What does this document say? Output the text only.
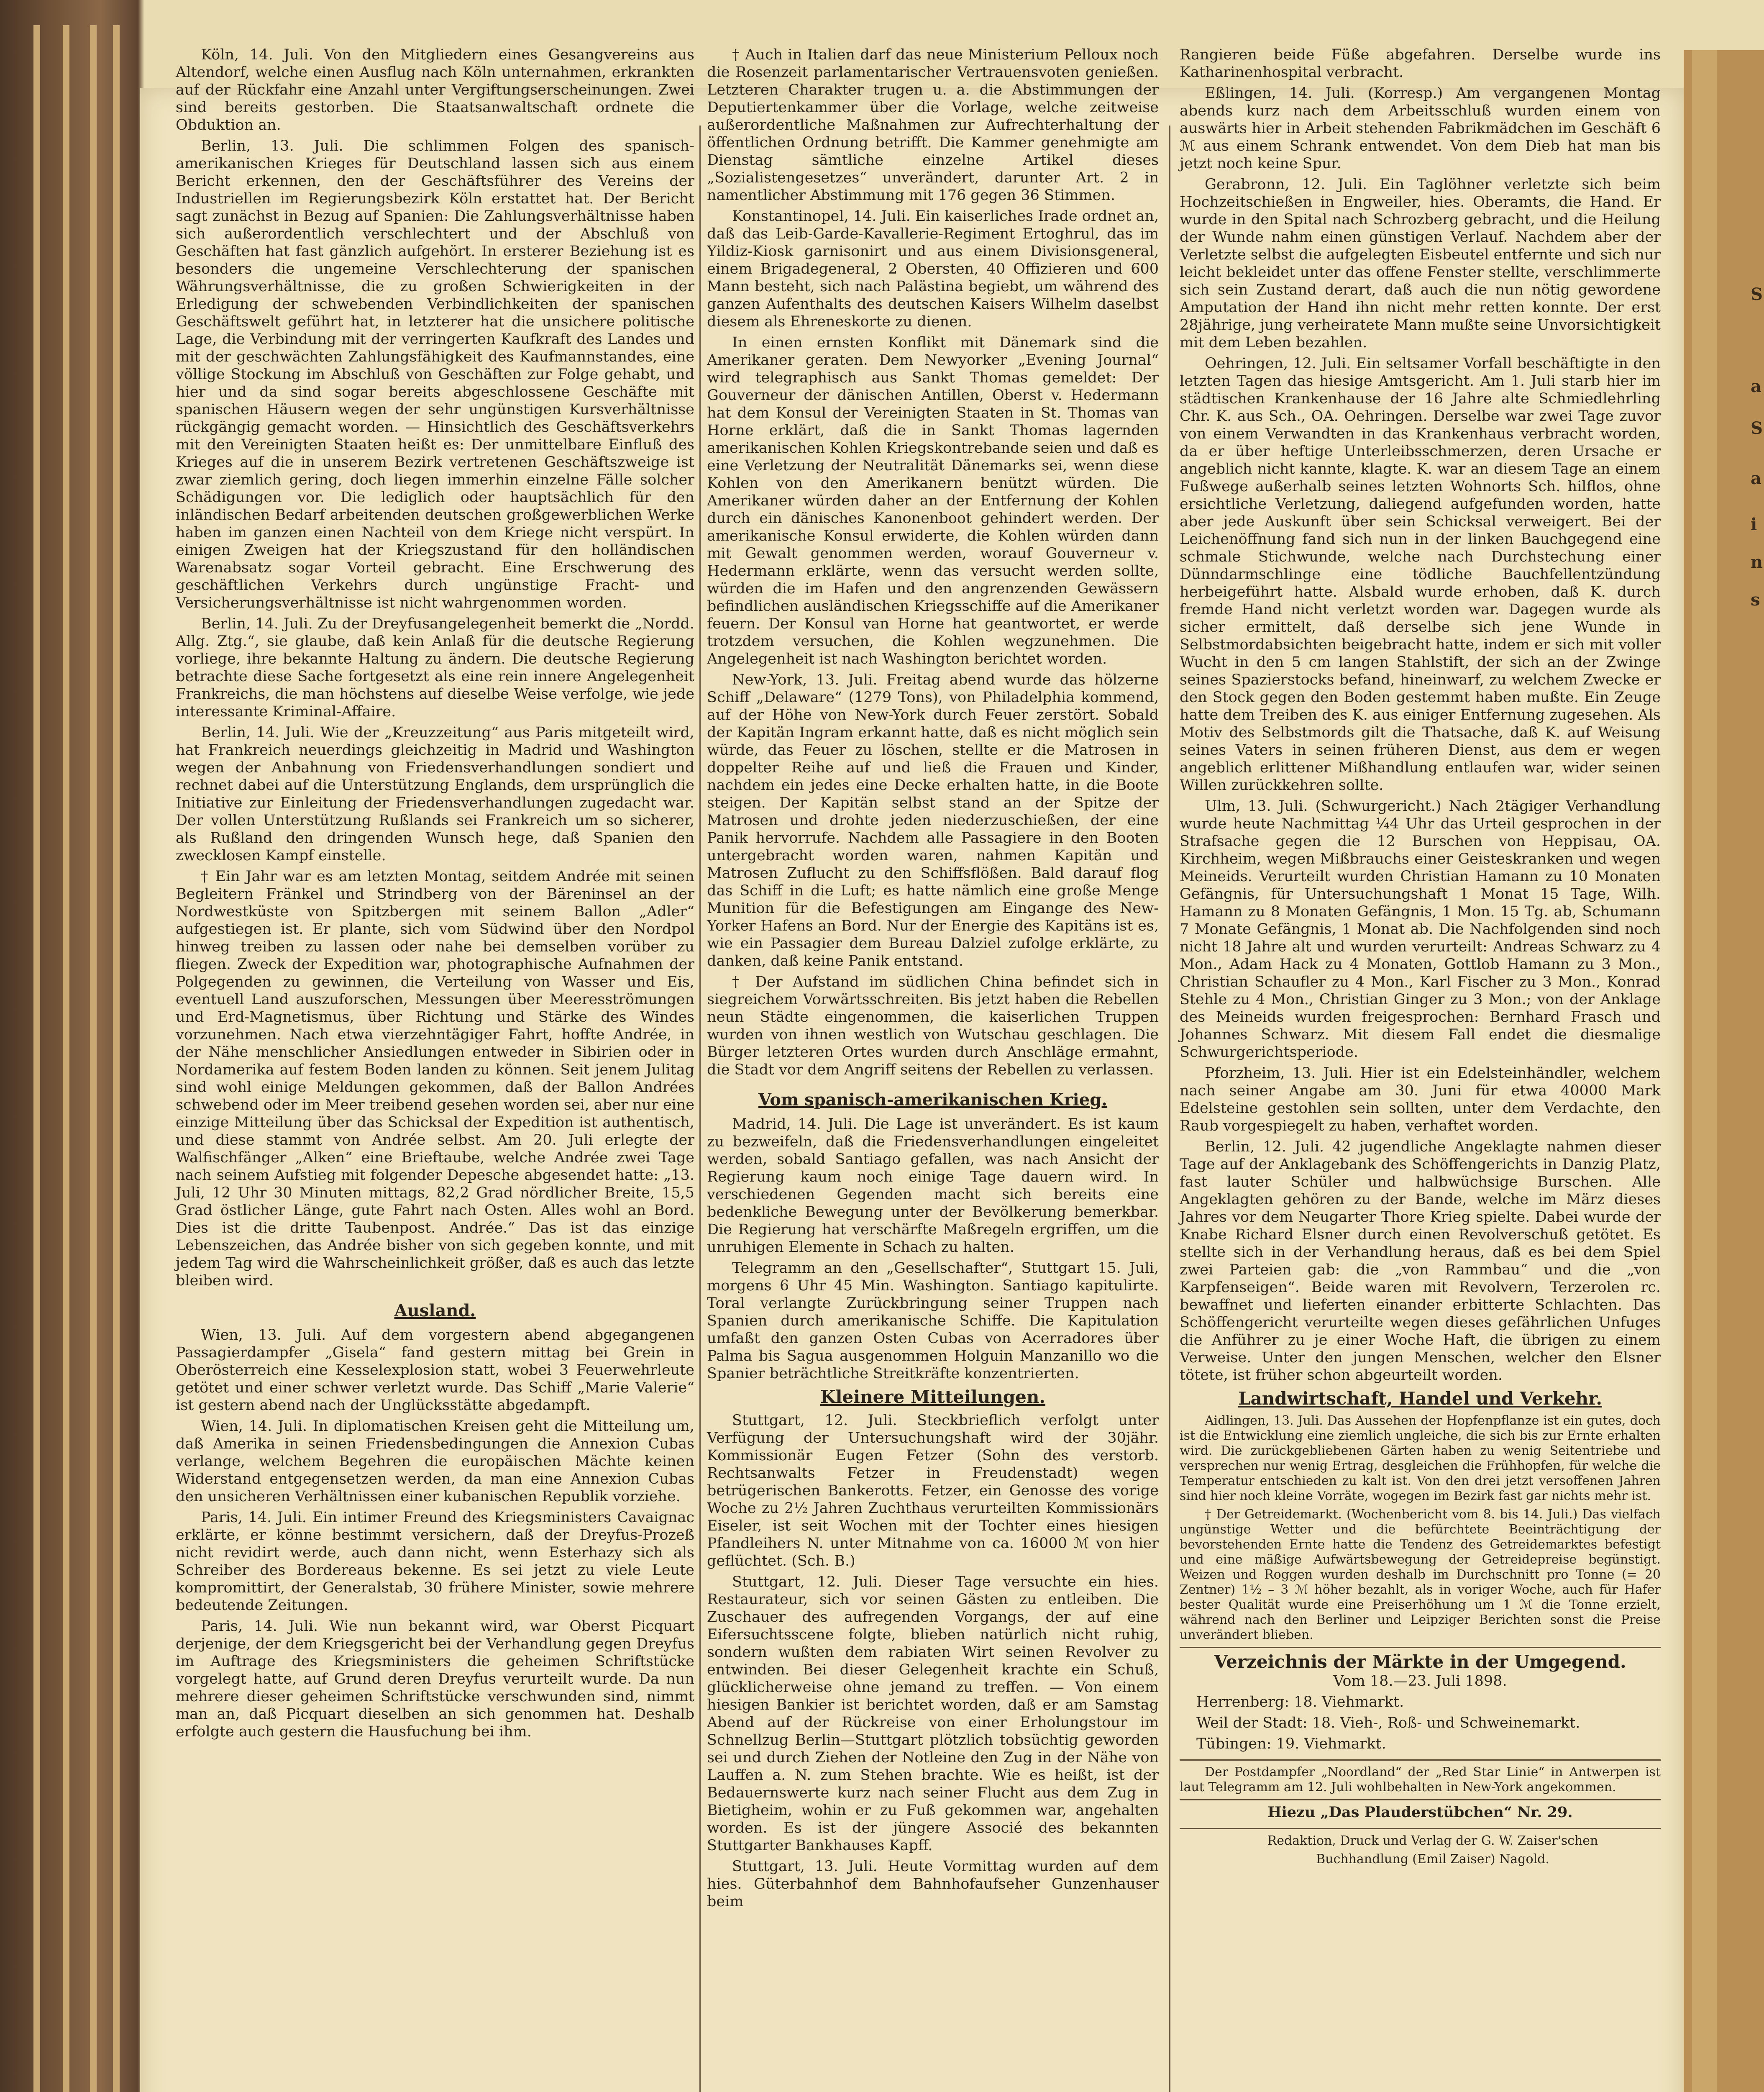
S
a
S
a
i
n
s

Köln, 14. Juli. Von den Mitgliedern eines Gesangvereins aus Altendorf, welche einen Ausflug nach Köln unternahmen, erkrankten auf der Rückfahr eine Anzahl unter Vergiftungserscheinungen. Zwei sind bereits gestorben. Die Staatsanwaltschaft ordnete die Obduktion an.

Berlin, 13. Juli. Die schlimmen Folgen des spanisch-amerikanischen Krieges für Deutschland lassen sich aus einem Bericht erkennen, den der Geschäftsführer des Vereins der Industriellen im Regierungsbezirk Köln erstattet hat. Der Bericht sagt zunächst in Bezug auf Spanien: Die Zahlungsverhältnisse haben sich außerordentlich verschlechtert und der Abschluß von Geschäften hat fast gänzlich aufgehört. In ersterer Beziehung ist es besonders die ungemeine Verschlechterung der spanischen Währungsverhältnisse, die zu großen Schwierigkeiten in der Erledigung der schwebenden Verbindlichkeiten der spanischen Geschäftswelt geführt hat, in letzterer hat die unsichere politische Lage, die Verbindung mit der verringerten Kaufkraft des Landes und mit der geschwächten Zahlungsfähigkeit des Kaufmannstandes, eine völlige Stockung im Abschluß von Geschäften zur Folge gehabt, und hier und da sind sogar bereits abgeschlossene Geschäfte mit spanischen Häusern wegen der sehr ungünstigen Kursverhältnisse rückgängig gemacht worden. — Hinsichtlich des Geschäftsverkehrs mit den Vereinigten Staaten heißt es: Der unmittelbare Einfluß des Krieges auf die in unserem Bezirk vertretenen Geschäftszweige ist zwar ziemlich gering, doch liegen immerhin einzelne Fälle solcher Schädigungen vor. Die lediglich oder hauptsächlich für den inländischen Bedarf arbeitenden deutschen großgewerblichen Werke haben im ganzen einen Nachteil von dem Kriege nicht verspürt. In einigen Zweigen hat der Kriegszustand für den holländischen Warenabsatz sogar Vorteil gebracht. Eine Erschwerung des geschäftlichen Verkehrs durch ungünstige Fracht- und Versicherungsverhältnisse ist nicht wahrgenommen worden.

Berlin, 14. Juli. Zu der Dreyfusangelegenheit bemerkt die „Nordd. Allg. Ztg.“, sie glaube, daß kein Anlaß für die deutsche Regierung vorliege, ihre bekannte Haltung zu ändern. Die deutsche Regierung betrachte diese Sache fortgesetzt als eine rein innere Angelegenheit Frankreichs, die man höchstens auf dieselbe Weise verfolge, wie jede interessante Kriminal-Affaire.

Berlin, 14. Juli. Wie der „Kreuzzeitung“ aus Paris mitgeteilt wird, hat Frankreich neuerdings gleichzeitig in Madrid und Washington wegen der Anbahnung von Friedensverhandlungen sondiert und rechnet dabei auf die Unterstützung Englands, dem ursprünglich die Initiative zur Einleitung der Friedensverhandlungen zugedacht war. Der vollen Unterstützung Rußlands sei Frankreich um so sicherer, als Rußland den dringenden Wunsch hege, daß Spanien den zwecklosen Kampf einstelle.

† Ein Jahr war es am letzten Montag, seitdem Andrée mit seinen Begleitern Fränkel und Strindberg von der Bäreninsel an der Nordwestküste von Spitzbergen mit seinem Ballon „Adler“ aufgestiegen ist. Er plante, sich vom Südwind über den Nordpol hinweg treiben zu lassen oder nahe bei demselben vorüber zu fliegen. Zweck der Expedition war, photographische Aufnahmen der Polgegenden zu gewinnen, die Verteilung von Wasser und Eis, eventuell Land auszuforschen, Messungen über Meeresströmungen und Erd-Magnetismus, über Richtung und Stärke des Windes vorzunehmen. Nach etwa vierzehntägiger Fahrt, hoffte Andrée, in der Nähe menschlicher Ansiedlungen entweder in Sibirien oder in Nordamerika auf festem Boden landen zu können. Seit jenem Julitag sind wohl einige Meldungen gekommen, daß der Ballon Andrées schwebend oder im Meer treibend gesehen worden sei, aber nur eine einzige Mitteilung über das Schicksal der Expedition ist authentisch, und diese stammt von Andrée selbst. Am 20. Juli erlegte der Walfischfänger „Alken“ eine Brieftaube, welche Andrée zwei Tage nach seinem Aufstieg mit folgender Depesche abgesendet hatte: „13. Juli, 12 Uhr 30 Minuten mittags, 82,2 Grad nördlicher Breite, 15,5 Grad östlicher Länge, gute Fahrt nach Osten. Alles wohl an Bord. Dies ist die dritte Taubenpost. Andrée.“ Das ist das einzige Lebenszeichen, das Andrée bisher von sich gegeben konnte, und mit jedem Tag wird die Wahrscheinlichkeit größer, daß es auch das letzte bleiben wird.

Ausland.

Wien, 13. Juli. Auf dem vorgestern abend abgegangenen Passagierdampfer „Gisela“ fand gestern mittag bei Grein in Oberösterreich eine Kesselexplosion statt, wobei 3 Feuerwehrleute getötet und einer schwer verletzt wurde. Das Schiff „Marie Valerie“ ist gestern abend nach der Unglücksstätte abgedampft.

Wien, 14. Juli. In diplomatischen Kreisen geht die Mitteilung um, daß Amerika in seinen Friedensbedingungen die Annexion Cubas verlange, welchem Begehren die europäischen Mächte keinen Widerstand entgegensetzen werden, da man eine Annexion Cubas den unsicheren Verhältnissen einer kubanischen Republik vorziehe.

Paris, 14. Juli. Ein intimer Freund des Kriegsministers Cavaignac erklärte, er könne bestimmt versichern, daß der Dreyfus-Prozeß nicht revidirt werde, auch dann nicht, wenn Esterhazy sich als Schreiber des Bordereaus bekenne. Es sei jetzt zu viele Leute kompromittirt, der Generalstab, 30 frühere Minister, sowie mehrere bedeutende Zeitungen.

Paris, 14. Juli. Wie nun bekannt wird, war Oberst Picquart derjenige, der dem Kriegsgericht bei der Verhandlung gegen Dreyfus im Auftrage des Kriegsministers die geheimen Schriftstücke vorgelegt hatte, auf Grund deren Dreyfus verurteilt wurde. Da nun mehrere dieser geheimen Schriftstücke verschwunden sind, nimmt man an, daß Picquart dieselben an sich genommen hat. Deshalb erfolgte auch gestern die Hausfuchung bei ihm.

† Auch in Italien darf das neue Ministerium Pelloux noch die Rosenzeit parlamentarischer Vertrauensvoten genießen. Letzteren Charakter trugen u. a. die Abstimmungen der Deputiertenkammer über die Vorlage, welche zeitweise außerordentliche Maßnahmen zur Aufrechterhaltung der öffentlichen Ordnung betrifft. Die Kammer genehmigte am Dienstag sämtliche einzelne Artikel dieses „Sozialistengesetzes“ unverändert, darunter Art. 2 in namentlicher Abstimmung mit 176 gegen 36 Stimmen.

Konstantinopel, 14. Juli. Ein kaiserliches Irade ordnet an, daß das Leib-Garde-Kavallerie-Regiment Ertoghrul, das im Yildiz-Kiosk garnisonirt und aus einem Divisionsgeneral, einem Brigadegeneral, 2 Obersten, 40 Offizieren und 600 Mann besteht, sich nach Palästina begiebt, um während des ganzen Aufenthalts des deutschen Kaisers Wilhelm daselbst diesem als Ehreneskorte zu dienen.

In einen ernsten Konflikt mit Dänemark sind die Amerikaner geraten. Dem Newyorker „Evening Journal“ wird telegraphisch aus Sankt Thomas gemeldet: Der Gouverneur der dänischen Antillen, Oberst v. Hedermann hat dem Konsul der Vereinigten Staaten in St. Thomas van Horne erklärt, daß die in Sankt Thomas lagernden amerikanischen Kohlen Kriegskontrebande seien und daß es eine Verletzung der Neutralität Dänemarks sei, wenn diese Kohlen von den Amerikanern benützt würden. Die Amerikaner würden daher an der Entfernung der Kohlen durch ein dänisches Kanonenboot gehindert werden. Der amerikanische Konsul erwiderte, die Kohlen würden dann mit Gewalt genommen werden, worauf Gouverneur v. Hedermann erklärte, wenn das versucht werden sollte, würden die im Hafen und den angrenzenden Gewässern befindlichen ausländischen Kriegsschiffe auf die Amerikaner feuern. Der Konsul van Horne hat geantwortet, er werde trotzdem versuchen, die Kohlen wegzunehmen. Die Angelegenheit ist nach Washington berichtet worden.

New-York, 13. Juli. Freitag abend wurde das hölzerne Schiff „Delaware“ (1279 Tons), von Philadelphia kommend, auf der Höhe von New-York durch Feuer zerstört. Sobald der Kapitän Ingram erkannt hatte, daß es nicht möglich sein würde, das Feuer zu löschen, stellte er die Matrosen in doppelter Reihe auf und ließ die Frauen und Kinder, nachdem ein jedes eine Decke erhalten hatte, in die Boote steigen. Der Kapitän selbst stand an der Spitze der Matrosen und drohte jeden niederzuschießen, der eine Panik hervorrufe. Nachdem alle Passagiere in den Booten untergebracht worden waren, nahmen Kapitän und Matrosen Zuflucht zu den Schiffsflößen. Bald darauf flog das Schiff in die Luft; es hatte nämlich eine große Menge Munition für die Befestigungen am Eingange des New-Yorker Hafens an Bord. Nur der Energie des Kapitäns ist es, wie ein Passagier dem Bureau Dalziel zufolge erklärte, zu danken, daß keine Panik entstand.

† Der Aufstand im südlichen China befindet sich in siegreichem Vorwärtsschreiten. Bis jetzt haben die Rebellen neun Städte eingenommen, die kaiserlichen Truppen wurden von ihnen westlich von Wutschau geschlagen. Die Bürger letzteren Ortes wurden durch Anschläge ermahnt, die Stadt vor dem Angriff seitens der Rebellen zu verlassen.

Vom spanisch-amerikanischen Krieg.

Madrid, 14. Juli. Die Lage ist unverändert. Es ist kaum zu bezweifeln, daß die Friedensverhandlungen eingeleitet werden, sobald Santiago gefallen, was nach Ansicht der Regierung kaum noch einige Tage dauern wird. In verschiedenen Gegenden macht sich bereits eine bedenkliche Bewegung unter der Bevölkerung bemerkbar. Die Regierung hat verschärfte Maßregeln ergriffen, um die unruhigen Elemente in Schach zu halten.

Telegramm an den „Gesellschafter“, Stuttgart 15. Juli, morgens 6 Uhr 45 Min. Washington. Santiago kapitulirte. Toral verlangte Zurückbringung seiner Truppen nach Spanien durch amerikanische Schiffe. Die Kapitulation umfaßt den ganzen Osten Cubas von Acerradores über Palma bis Sagua ausgenommen Holguin Manzanillo wo die Spanier beträchtliche Streitkräfte konzentrierten.

Kleinere Mitteilungen.

Stuttgart, 12. Juli. Steckbrieflich verfolgt unter Verfügung der Untersuchungshaft wird der 30jähr. Kommissionär Eugen Fetzer (Sohn des verstorb. Rechtsanwalts Fetzer in Freudenstadt) wegen betrügerischen Bankerotts. Fetzer, ein Genosse des vorige Woche zu 2½ Jahren Zuchthaus verurteilten Kommissionärs Eiseler, ist seit Wochen mit der Tochter eines hiesigen Pfandleihers N. unter Mitnahme von ca. 16000 ℳ von hier geflüchtet. (Sch. B.)

Stuttgart, 12. Juli. Dieser Tage versuchte ein hies. Restaurateur, sich vor seinen Gästen zu entleiben. Die Zuschauer des aufregenden Vorgangs, der auf eine Eifersuchtsscene folgte, blieben natürlich nicht ruhig, sondern wußten dem rabiaten Wirt seinen Revolver zu entwinden. Bei dieser Gelegenheit krachte ein Schuß, glücklicherweise ohne jemand zu treffen. — Von einem hiesigen Bankier ist berichtet worden, daß er am Samstag Abend auf der Rückreise von einer Erholungstour im Schnellzug Berlin—Stuttgart plötzlich tobsüchtig geworden sei und durch Ziehen der Notleine den Zug in der Nähe von Lauffen a. N. zum Stehen brachte. Wie es heißt, ist der Bedauernswerte kurz nach seiner Flucht aus dem Zug in Bietigheim, wohin er zu Fuß gekommen war, angehalten worden. Es ist der jüngere Associé des bekannten Stuttgarter Bankhauses Kapff.

Stuttgart, 13. Juli. Heute Vormittag wurden auf dem hies. Güterbahnhof dem Bahnhofaufseher Gunzenhauser beim

Rangieren beide Füße abgefahren. Derselbe wurde ins Katharinenhospital verbracht.

Eßlingen, 14. Juli. (Korresp.) Am vergangenen Montag abends kurz nach dem Arbeitsschluß wurden einem von auswärts hier in Arbeit stehenden Fabrikmädchen im Geschäft 6 ℳ aus einem Schrank entwendet. Von dem Dieb hat man bis jetzt noch keine Spur.

Gerabronn, 12. Juli. Ein Taglöhner verletzte sich beim Hochzeitschießen in Engweiler, hies. Oberamts, die Hand. Er wurde in den Spital nach Schrozberg gebracht, und die Heilung der Wunde nahm einen günstigen Verlauf. Nachdem aber der Verletzte selbst die aufgelegten Eisbeutel entfernte und sich nur leicht bekleidet unter das offene Fenster stellte, verschlimmerte sich sein Zustand derart, daß auch die nun nötig gewordene Amputation der Hand ihn nicht mehr retten konnte. Der erst 28jährige, jung verheiratete Mann mußte seine Unvorsichtigkeit mit dem Leben bezahlen.

Oehringen, 12. Juli. Ein seltsamer Vorfall beschäftigte in den letzten Tagen das hiesige Amtsgericht. Am 1. Juli starb hier im städtischen Krankenhause der 16 Jahre alte Schmiedlehrling Chr. K. aus Sch., OA. Oehringen. Derselbe war zwei Tage zuvor von einem Verwandten in das Krankenhaus verbracht worden, da er über heftige Unterleibsschmerzen, deren Ursache er angeblich nicht kannte, klagte. K. war an diesem Tage an einem Fußwege außerhalb seines letzten Wohnorts Sch. hilflos, ohne ersichtliche Verletzung, daliegend aufgefunden worden, hatte aber jede Auskunft über sein Schicksal verweigert. Bei der Leichenöffnung fand sich nun in der linken Bauchgegend eine schmale Stichwunde, welche nach Durchstechung einer Dünndarmschlinge eine tödliche Bauchfellentzündung herbeigeführt hatte. Alsbald wurde erhoben, daß K. durch fremde Hand nicht verletzt worden war. Dagegen wurde als sicher ermittelt, daß derselbe sich jene Wunde in Selbstmordabsichten beigebracht hatte, indem er sich mit voller Wucht in den 5 cm langen Stahlstift, der sich an der Zwinge seines Spazierstocks befand, hineinwarf, zu welchem Zwecke er den Stock gegen den Boden gestemmt haben mußte. Ein Zeuge hatte dem Treiben des K. aus einiger Entfernung zugesehen. Als Motiv des Selbstmords gilt die Thatsache, daß K. auf Weisung seines Vaters in seinen früheren Dienst, aus dem er wegen angeblich erlittener Mißhandlung entlaufen war, wider seinen Willen zurückkehren sollte.

Ulm, 13. Juli. (Schwurgericht.) Nach 2tägiger Verhandlung wurde heute Nachmittag ¼4 Uhr das Urteil gesprochen in der Strafsache gegen die 12 Burschen von Heppisau, OA. Kirchheim, wegen Mißbrauchs einer Geisteskranken und wegen Meineids. Verurteilt wurden Christian Hamann zu 10 Monaten Gefängnis, für Untersuchungshaft 1 Monat 15 Tage, Wilh. Hamann zu 8 Monaten Gefängnis, 1 Mon. 15 Tg. ab, Schumann 7 Monate Gefängnis, 1 Monat ab. Die Nachfolgenden sind noch nicht 18 Jahre alt und wurden verurteilt: Andreas Schwarz zu 4 Mon., Adam Hack zu 4 Monaten, Gottlob Hamann zu 3 Mon., Christian Schaufler zu 4 Mon., Karl Fischer zu 3 Mon., Konrad Stehle zu 4 Mon., Christian Ginger zu 3 Mon.; von der Anklage des Meineids wurden freigesprochen: Bernhard Frasch und Johannes Schwarz. Mit diesem Fall endet die diesmalige Schwurgerichtsperiode.

Pforzheim, 13. Juli. Hier ist ein Edelsteinhändler, welchem nach seiner Angabe am 30. Juni für etwa 40000 Mark Edelsteine gestohlen sein sollten, unter dem Verdachte, den Raub vorgespiegelt zu haben, verhaftet worden.

Berlin, 12. Juli. 42 jugendliche Angeklagte nahmen dieser Tage auf der Anklagebank des Schöffengerichts in Danzig Platz, fast lauter Schüler und halbwüchsige Burschen. Alle Angeklagten gehören zu der Bande, welche im März dieses Jahres vor dem Neugarter Thore Krieg spielte. Dabei wurde der Knabe Richard Elsner durch einen Revolverschuß getötet. Es stellte sich in der Verhandlung heraus, daß es bei dem Spiel zwei Parteien gab: die „von Rammbau“ und die „von Karpfenseigen“. Beide waren mit Revolvern, Terzerolen rc. bewaffnet und lieferten einander erbitterte Schlachten. Das Schöffengericht verurteilte wegen dieses gefährlichen Unfuges die Anführer zu je einer Woche Haft, die übrigen zu einem Verweise. Unter den jungen Menschen, welcher den Elsner tötete, ist früher schon abgeurteilt worden.

Landwirtschaft, Handel und Verkehr.

Aidlingen, 13. Juli. Das Aussehen der Hopfenpflanze ist ein gutes, doch ist die Entwicklung eine ziemlich ungleiche, die sich bis zur Ernte erhalten wird. Die zurückgebliebenen Gärten haben zu wenig Seitentriebe und versprechen nur wenig Ertrag, desgleichen die Frühhopfen, für welche die Temperatur entschieden zu kalt ist. Von den drei jetzt versoffenen Jahren sind hier noch kleine Vorräte, wogegen im Bezirk fast gar nichts mehr ist.

† Der Getreidemarkt. (Wochenbericht vom 8. bis 14. Juli.) Das vielfach ungünstige Wetter und die befürchtete Beeinträchtigung der bevorstehenden Ernte hatte die Tendenz des Getreidemarktes befestigt und eine mäßige Aufwärtsbewegung der Getreidepreise begünstigt. Weizen und Roggen wurden deshalb im Durchschnitt pro Tonne (= 20 Zentner) 1½ – 3 ℳ höher bezahlt, als in voriger Woche, auch für Hafer bester Qualität wurde eine Preiserhöhung um 1 ℳ die Tonne erzielt, während nach den Berliner und Leipziger Berichten sonst die Preise unverändert blieben.

Verzeichnis der Märkte in der Umgegend.

Vom 18.—23. Juli 1898.

Herrenberg: 18. Viehmarkt.

Weil der Stadt: 18. Vieh-, Roß- und Schweinemarkt.

Tübingen: 19. Viehmarkt.

Der Postdampfer „Noordland“ der „Red Star Linie“ in Antwerpen ist laut Telegramm am 12. Juli wohlbehalten in New-York angekommen.

Hiezu „Das Plauderstübchen“ Nr. 29.

Redaktion, Druck und Verlag der G. W. Zaiser'schen

Buchhandlung (Emil Zaiser) Nagold.
